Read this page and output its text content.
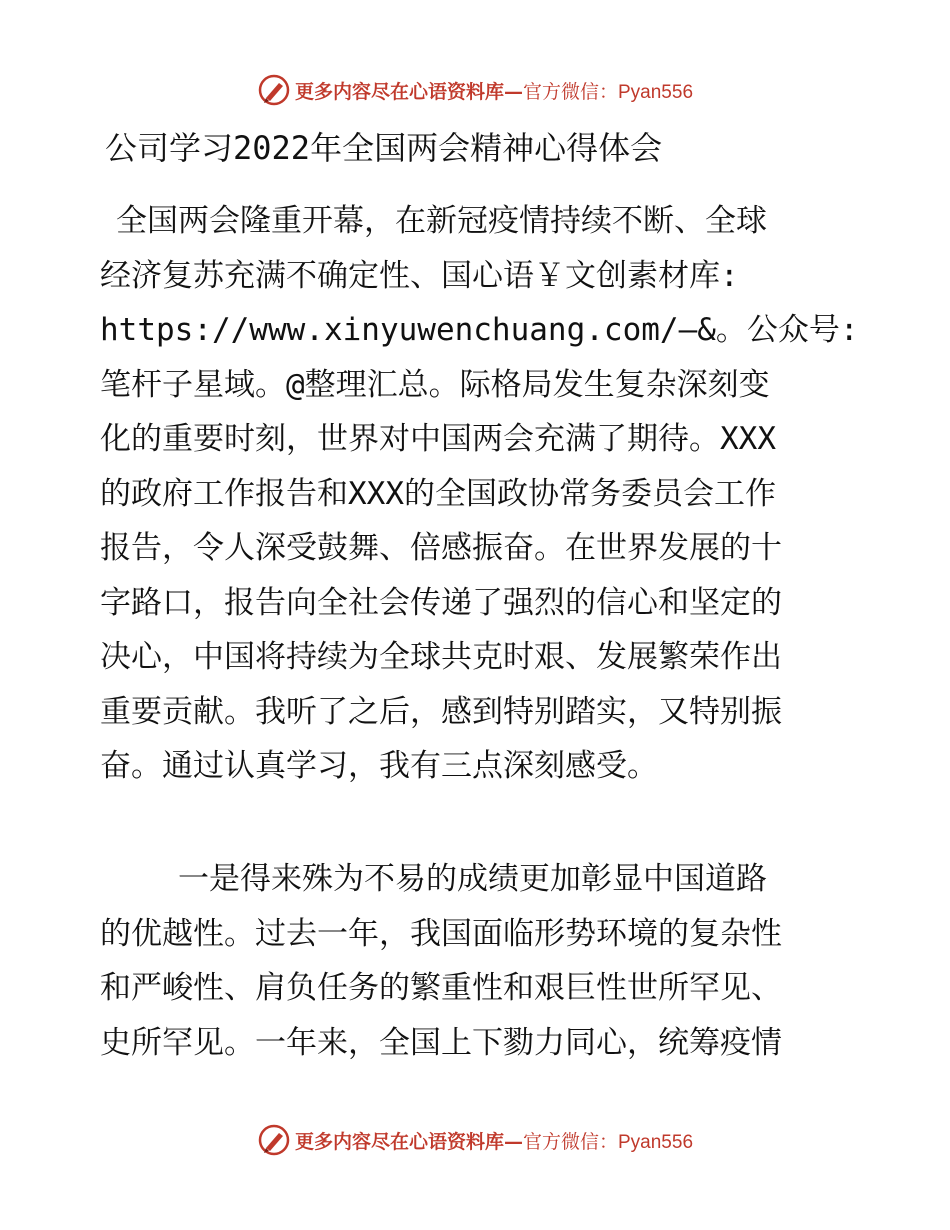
更多内容尽在心语资料库—官方微信：Pyan556
公司学习2022年全国两会精神心得体会
全国两会隆重开幕，在新冠疫情持续不断、全球
经济复苏充满不确定性、国心语￥文创素材库:
https://www.xinyuwenchuang.com/—&。公众号:
笔杆子星域。@整理汇总。际格局发生复杂深刻变
化的重要时刻，世界对中国两会充满了期待。XXX
的政府工作报告和XXX的全国政协常务委员会工作
报告，令人深受鼓舞、倍感振奋。在世界发展的十
字路口，报告向全社会传递了强烈的信心和坚定的
决心，中国将持续为全球共克时艰、发展繁荣作出
重要贡献。我听了之后，感到特别踏实，又特别振
奋。通过认真学习，我有三点深刻感受。
一是得来殊为不易的成绩更加彰显中国道路
的优越性。过去一年，我国面临形势环境的复杂性
和严峻性、肩负任务的繁重性和艰巨性世所罕见、
史所罕见。一年来，全国上下勠力同心，统筹疫情
更多内容尽在心语资料库—官方微信：Pyan556
